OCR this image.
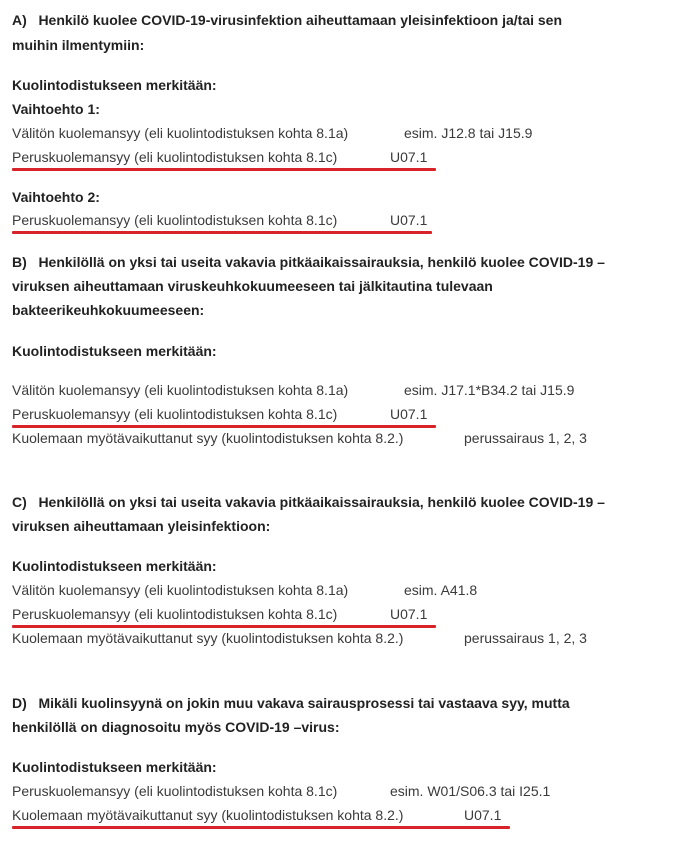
A)   Henkilö kuolee COVID-19-virusinfektion aiheuttamaan yleisinfektioon ja/tai sen
muihin ilmentymiin:
Kuolintodistukseen merkitään:
Vaihtoehto 1:
Välitön kuolemansyy (eli kuolintodistuksen kohta 8.1a)	esim. J12.8 tai J15.9
Peruskuolemansyy (eli kuolintodistuksen kohta 8.1c)	U07.1
Vaihtoehto 2:
Peruskuolemansyy (eli kuolintodistuksen kohta 8.1c)	U07.1
B)   Henkilöllä on yksi tai useita vakavia pitkäaikaissairauksia, henkilö kuolee COVID-19 –
viruksen aiheuttamaan viruskeuhkokuumeeseen tai jälkitautina tulevaan
bakteerikeuhkokuumeeseen:
Kuolintodistukseen merkitään:
Välitön kuolemansyy (eli kuolintodistuksen kohta 8.1a)	esim. J17.1*B34.2 tai J15.9
Peruskuolemansyy (eli kuolintodistuksen kohta 8.1c)	U07.1
Kuolemaan myötävaikuttanut syy (kuolintodistuksen kohta 8.2.)	perussairaus 1, 2, 3
C)   Henkilöllä on yksi tai useita vakavia pitkäaikaissairauksia, henkilö kuolee COVID-19 –
viruksen aiheuttamaan yleisinfektioon:
Kuolintodistukseen merkitään:
Välitön kuolemansyy (eli kuolintodistuksen kohta 8.1a)	esim. A41.8
Peruskuolemansyy (eli kuolintodistuksen kohta 8.1c)	U07.1
Kuolemaan myötävaikuttanut syy (kuolintodistuksen kohta 8.2.)	perussairaus 1, 2, 3
D)   Mikäli kuolinsyynä on jokin muu vakava sairausprosessi tai vastaava syy, mutta
henkilöllä on diagnosoitu myös COVID-19 –virus:
Kuolintodistukseen merkitään:
Peruskuolemansyy (eli kuolintodistuksen kohta 8.1c)	esim. W01/S06.3 tai I25.1
Kuolemaan myötävaikuttanut syy (kuolintodistuksen kohta 8.2.)	U07.1
